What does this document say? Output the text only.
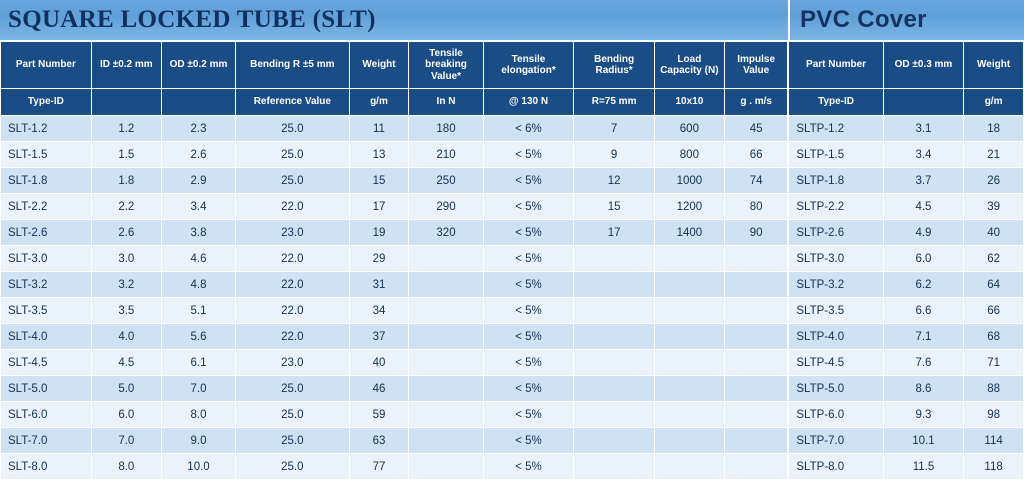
SQUARE LOCKED TUBE (SLT)	PVC Cover
Part Number	ID ±0.2 mm	OD ±0.2 mm	Bending R ±5 mm	Weight	Tensile breaking Value*	Tensile elongation*	Bending Radius*	Load Capacity (N)	Impulse Value	Part Number	OD ±0.3 mm	Weight
Type-ID			Reference Value	g/m	In N	@ 130 N	R=75 mm	10x10	g . m/s	Type-ID		g/m
SLT-1.2	1.2	2.3	25.0	11	180	< 6%	7	600	45	SLTP-1.2	3.1	18
SLT-1.5	1.5	2.6	25.0	13	210	< 5%	9	800	66	SLTP-1.5	3.4	21
SLT-1.8	1.8	2.9	25.0	15	250	< 5%	12	1000	74	SLTP-1.8	3.7	26
SLT-2.2	2.2	3.4	22.0	17	290	< 5%	15	1200	80	SLTP-2.2	4.5	39
SLT-2.6	2.6	3.8	23.0	19	320	< 5%	17	1400	90	SLTP-2.6	4.9	40
SLT-3.0	3.0	4.6	22.0	29		< 5%				SLTP-3.0	6.0	62
SLT-3.2	3.2	4.8	22.0	31		< 5%				SLTP-3.2	6.2	64
SLT-3.5	3.5	5.1	22.0	34		< 5%				SLTP-3.5	6.6	66
SLT-4.0	4.0	5.6	22.0	37		< 5%				SLTP-4.0	7.1	68
SLT-4.5	4.5	6.1	23.0	40		< 5%				SLTP-4.5	7.6	71
SLT-5.0	5.0	7.0	25.0	46		< 5%				SLTP-5.0	8.6	88
SLT-6.0	6.0	8.0	25.0	59		< 5%				SLTP-6.0	9.3	98
SLT-7.0	7.0	9.0	25.0	63		< 5%				SLTP-7.0	10.1	114
SLT-8.0	8.0	10.0	25.0	77		< 5%				SLTP-8.0	11.5	118
